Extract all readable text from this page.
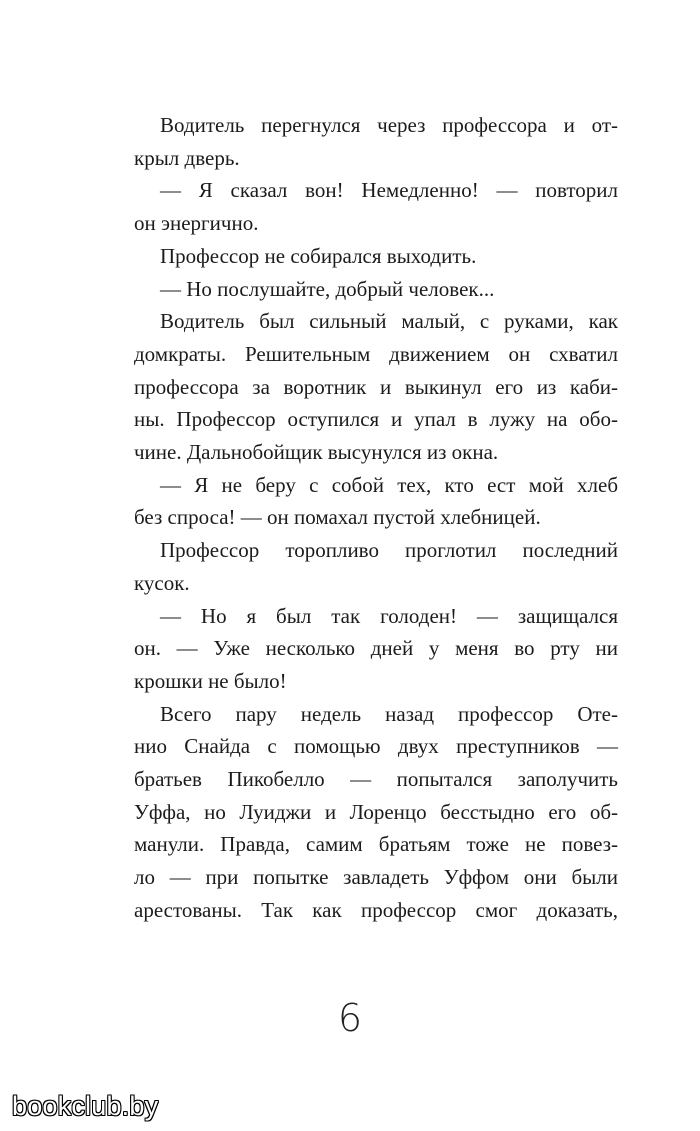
Водитель перегнулся через профессора и от-
крыл дверь.

— Я сказал вон! Немедленно! — повторил
он энергично.

Профессор не собирался выходить.

— Но послушайте, добрый человек...

Водитель был сильный малый, с руками, как
домкраты. Решительным движением он схватил
профессора за воротник и выкинул его из каби-
ны. Профессор оступился и упал в лужу на обо-
чине. Дальнобойщик высунулся из окна.

— Я не беру с собой тех, кто ест мой хлеб
без спроса! — он помахал пустой хлебницей.

Профессор торопливо проглотил последний
кусок.

— Но я был так голоден! — защищался
он. — Уже несколько дней у меня во рту ни
крошки не было!

Всего пару недель назад профессор Оте-
нио Снайда с помощью двух преступников —
братьев Пикобелло — попытался заполучить
Уффа, но Луиджи и Лоренцо бесстыдно его об-
манули. Правда, самим братьям тоже не повез-
ло — при попытке завладеть Уффом они были
арестованы. Так как профессор смог доказать,

6
bookclub.by
